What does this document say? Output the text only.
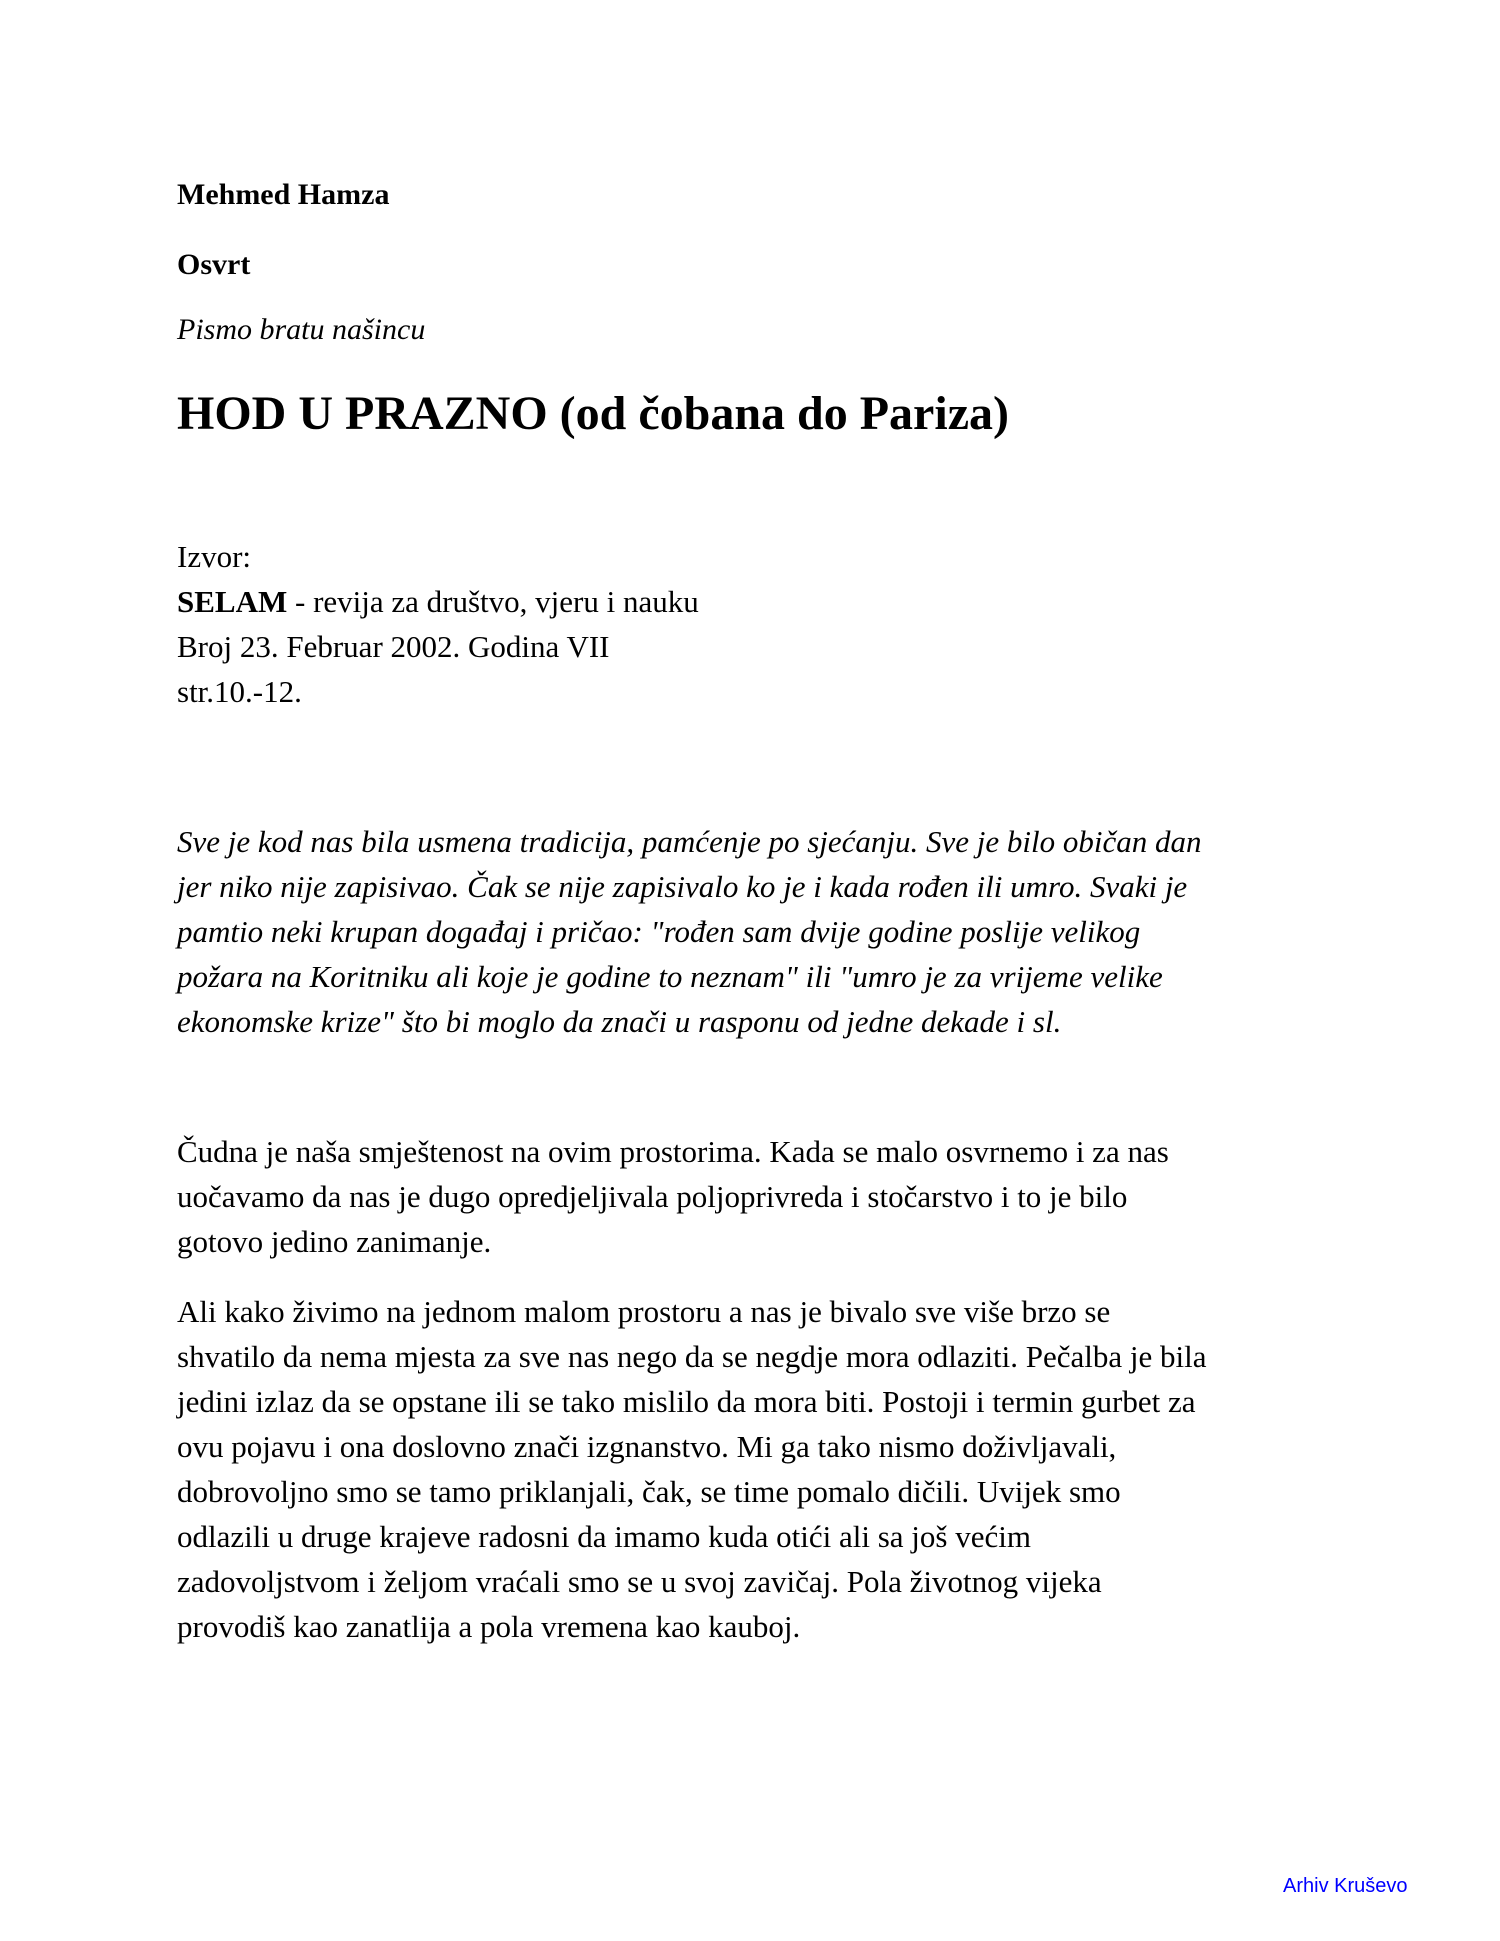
Mehmed Hamza
Osvrt
Pismo bratu našincu
HOD U PRAZNO (od čobana do Pariza)
Izvor:
SELAM - revija za društvo, vjeru i nauku
Broj 23. Februar 2002. Godina VII
str.10.-12.
Sve je kod nas bila usmena tradicija, pamćenje po sjećanju. Sve je bilo običan dan
jer niko nije zapisivao. Čak se nije zapisivalo ko je i kada rođen ili umro. Svaki je
pamtio neki krupan događaj i pričao: "rođen sam dvije godine poslije velikog
požara na Koritniku ali koje je godine to neznam" ili "umro je za vrijeme velike
ekonomske krize" što bi moglo da znači u rasponu od jedne dekade i sl.
Čudna je naša smještenost na ovim prostorima. Kada se malo osvrnemo i za nas
uočavamo da nas je dugo opredjeljivala poljoprivreda i stočarstvo i to je bilo
gotovo jedino zanimanje.
Ali kako živimo na jednom malom prostoru a nas je bivalo sve više brzo se
shvatilo da nema mjesta za sve nas nego da se negdje mora odlaziti. Pečalba je bila
jedini izlaz da se opstane ili se tako mislilo da mora biti. Postoji i termin gurbet za
ovu pojavu i ona doslovno znači izgnanstvo. Mi ga tako nismo doživljavali,
dobrovoljno smo se tamo priklanjali, čak, se time pomalo dičili. Uvijek smo
odlazili u druge krajeve radosni da imamo kuda otići ali sa još većim
zadovoljstvom i željom vraćali smo se u svoj zavičaj. Pola životnog vijeka
provodiš kao zanatlija a pola vremena kao kauboj.
Arhiv Kruševo
